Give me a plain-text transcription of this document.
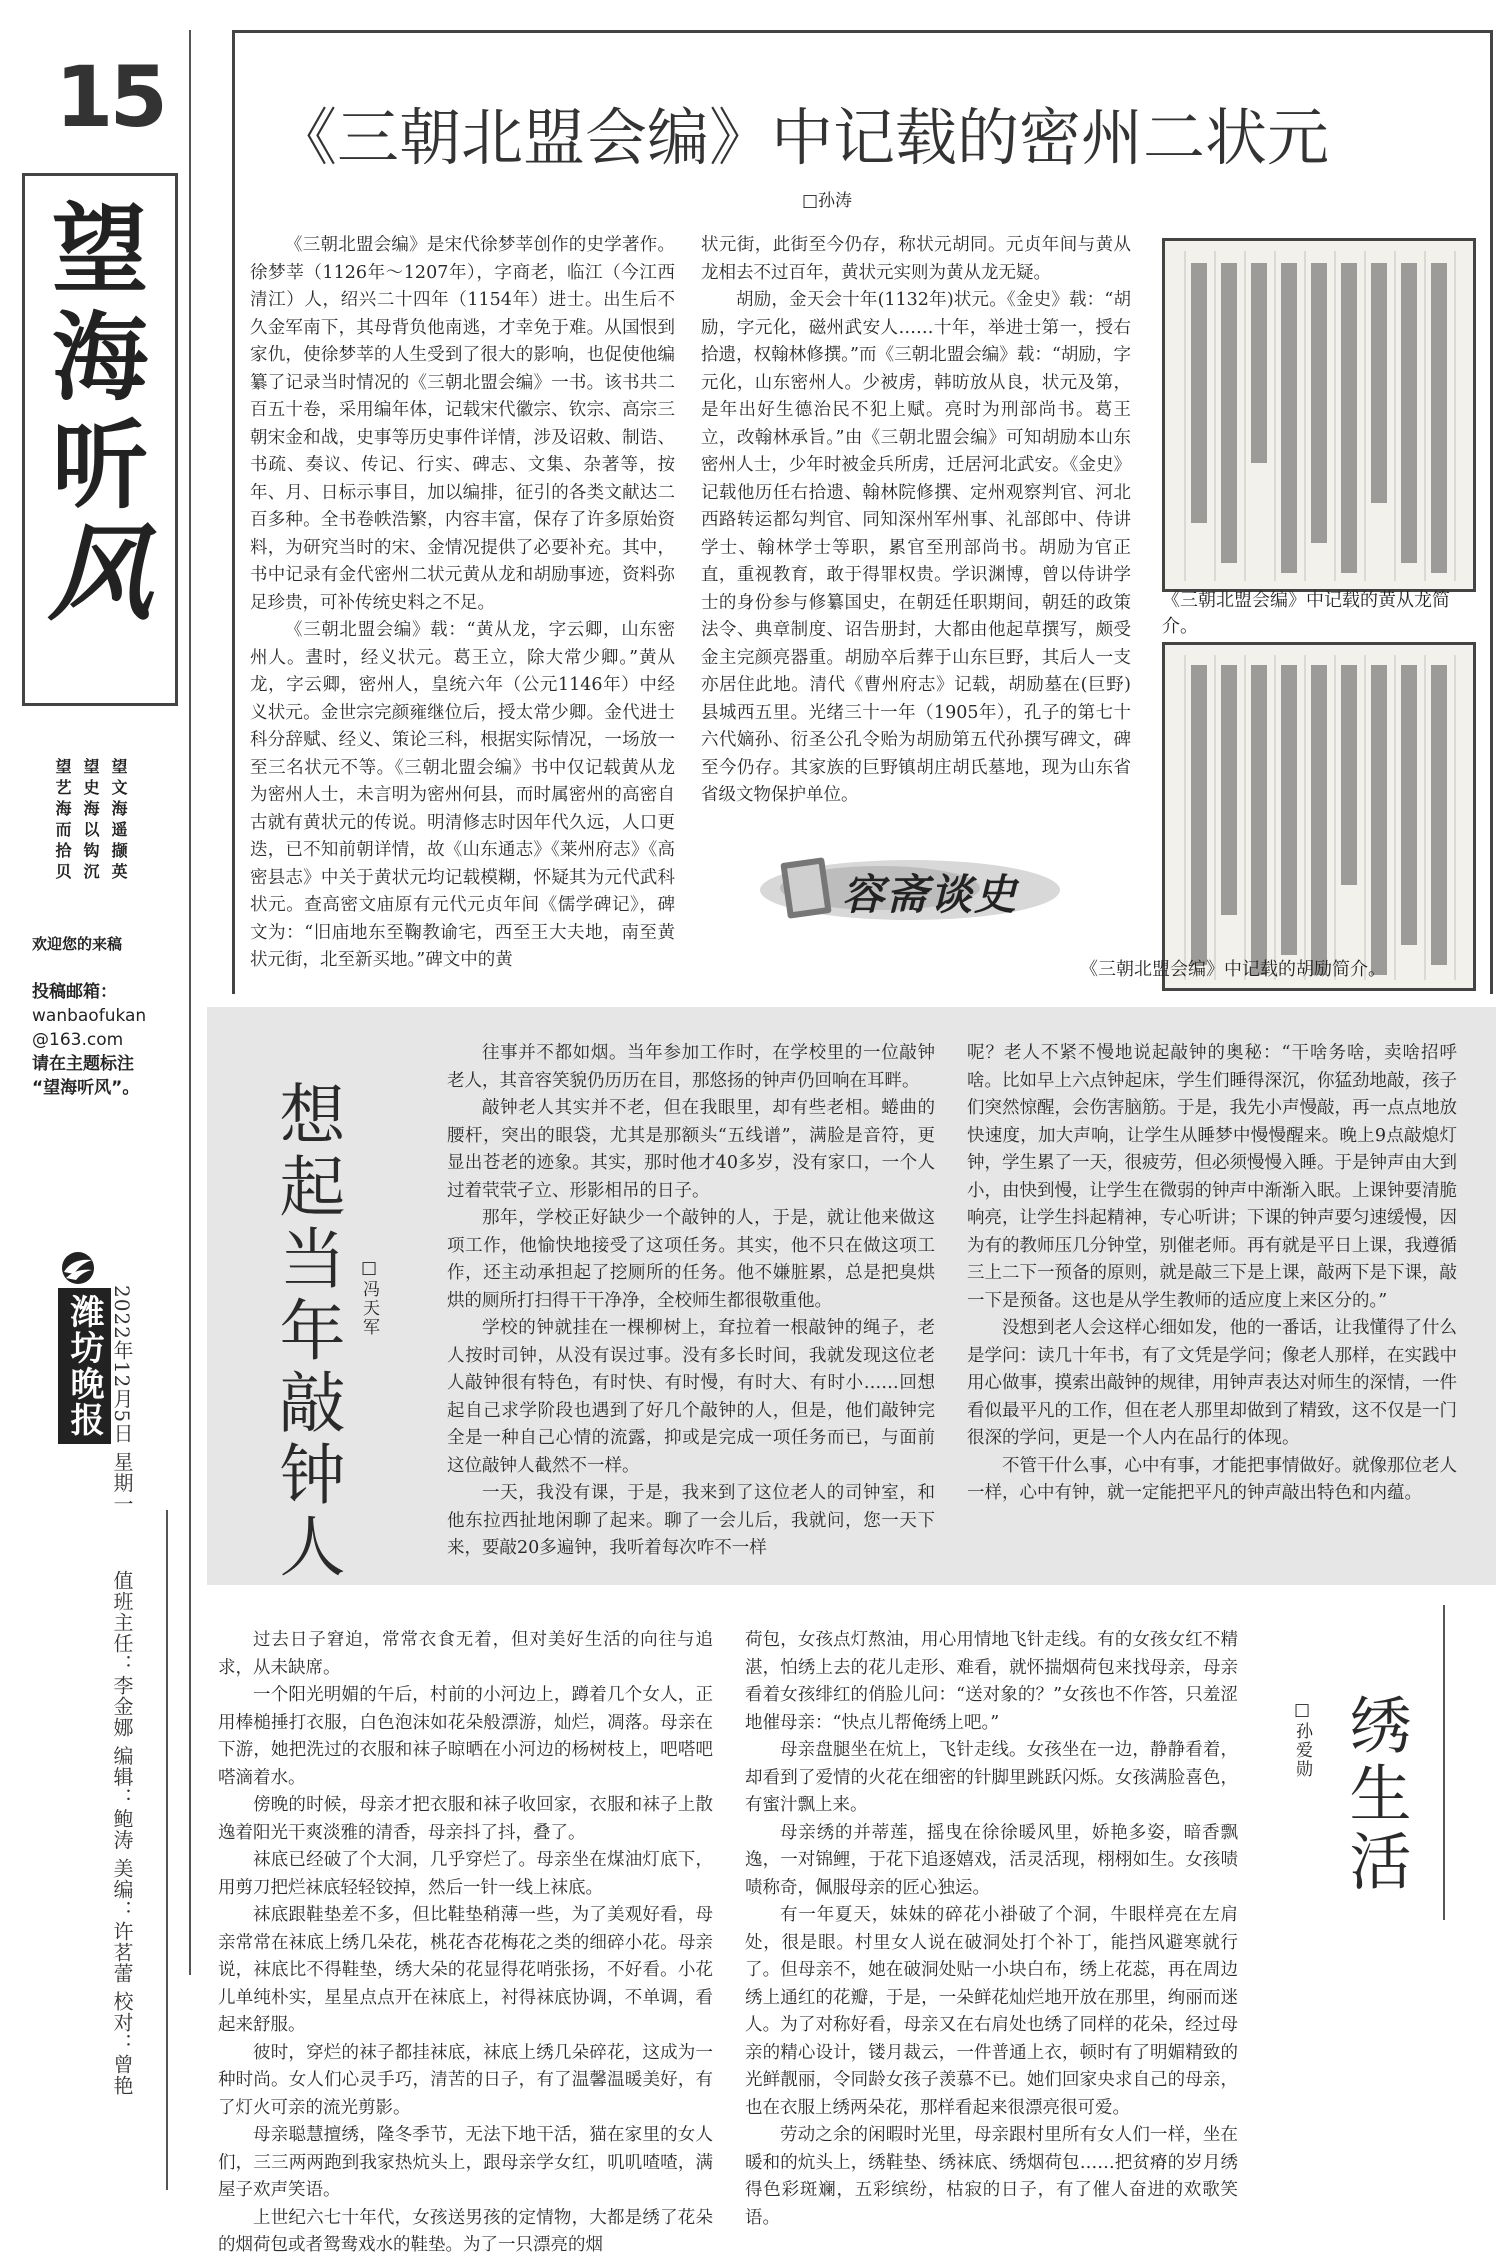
15
望
海
听
风
望文海遥撷英
望史海以钩沉
望艺海而拾贝
欢迎您的来稿
投稿邮箱：
wanbaofukan
@163.com
请在主题标注
“望海听风”。
潍坊晚报 2022年12月5日 星期一
值班主任：李金娜 编辑：鲍涛 美编：许茗蕾 校对：曾艳
《三朝北盟会编》中记载的密州二状元
□孙涛

《三朝北盟会编》是宋代徐梦莘创作的史学著作。徐梦莘（1126年～1207年），字商老，临江（今江西清江）人，绍兴二十四年（1154年）进士。出生后不久金军南下，其母背负他南逃，才幸免于难。从国恨到家仇，使徐梦莘的人生受到了很大的影响，也促使他编纂了记录当时情况的《三朝北盟会编》一书。该书共二百五十卷，采用编年体，记载宋代徽宗、钦宗、高宗三朝宋金和战，史事等历史事件详情，涉及诏敕、制诰、书疏、奏议、传记、行实、碑志、文集、杂著等，按年、月、日标示事目，加以编排，征引的各类文献达二百多种。全书卷帙浩繁，内容丰富，保存了许多原始资料，为研究当时的宋、金情况提供了必要补充。其中，书中记录有金代密州二状元黄从龙和胡励事迹，资料弥足珍贵，可补传统史料之不足。

《三朝北盟会编》载：“黄从龙，字云卿，山东密州人。晝时，经义状元。葛王立，除大常少卿。”黄从龙，字云卿，密州人，皇统六年（公元1146年）中经义状元。金世宗完颜雍继位后，授太常少卿。金代进士科分辞赋、经义、策论三科，根据实际情况，一场放一至三名状元不等。《三朝北盟会编》书中仅记载黄从龙为密州人士，未言明为密州何县，而时属密州的高密自古就有黄状元的传说。明清修志时因年代久远，人口更迭，已不知前朝详情，故《山东通志》《莱州府志》《高密县志》中关于黄状元均记载模糊，怀疑其为元代武科状元。查高密文庙原有元代元贞年间《儒学碑记》，碑文为：“旧庙地东至鞠教谕宅，西至王大夫地，南至黄状元街，北至新买地。”碑文中的黄

状元街，此街至今仍存，称状元胡同。元贞年间与黄从龙相去不过百年，黄状元实则为黄从龙无疑。

胡励，金天会十年(1132年)状元。《金史》载：“胡励，字元化，磁州武安人……十年，举进士第一，授右拾遗，权翰林修撰。”而《三朝北盟会编》载：“胡励，字元化，山东密州人。少被虏，韩昉放从良，状元及第，是年出好生德治民不犯上赋。亮时为刑部尚书。葛王立，改翰林承旨。”由《三朝北盟会编》可知胡励本山东密州人士，少年时被金兵所虏，迁居河北武安。《金史》记载他历任右拾遗、翰林院修撰、定州观察判官、河北西路转运都勾判官、同知深州军州事、礼部郎中、侍讲学士、翰林学士等职，累官至刑部尚书。胡励为官正直，重视教育，敢于得罪权贵。学识渊博，曾以侍讲学士的身份参与修纂国史，在朝廷任职期间，朝廷的政策法令、典章制度、诏告册封，大都由他起草撰写，颇受金主完颜亮器重。胡励卒后葬于山东巨野，其后人一支亦居住此地。清代《曹州府志》记载，胡励墓在(巨野)县城西五里。光绪三十一年（1905年），孔子的第七十六代嫡孙、衍圣公孔令贻为胡励第五代孙撰写碑文，碑至今仍存。其家族的巨野镇胡庄胡氏墓地，现为山东省省级文物保护单位。

《三朝北盟会编》中记载的黄从龙简介。
《三朝北盟会编》中记载的胡励简介。
容斋谈史
想起当年敲钟人 □冯天军

往事并不都如烟。当年参加工作时，在学校里的一位敲钟老人，其音容笑貌仍历历在目，那悠扬的钟声仍回响在耳畔。

敲钟老人其实并不老，但在我眼里，却有些老相。蜷曲的腰杆，突出的眼袋，尤其是那额头“五线谱”，满脸是音符，更显出苍老的迹象。其实，那时他才40多岁，没有家口，一个人过着茕茕孑立、形影相吊的日子。

那年，学校正好缺少一个敲钟的人，于是，就让他来做这项工作，他愉快地接受了这项任务。其实，他不只在做这项工作，还主动承担起了挖厕所的任务。他不嫌脏累，总是把臭烘烘的厕所打扫得干干净净，全校师生都很敬重他。

学校的钟就挂在一棵柳树上，耷拉着一根敲钟的绳子，老人按时司钟，从没有误过事。没有多长时间，我就发现这位老人敲钟很有特色，有时快、有时慢，有时大、有时小……回想起自己求学阶段也遇到了好几个敲钟的人，但是，他们敲钟完全是一种自己心情的流露，抑或是完成一项任务而已，与面前这位敲钟人截然不一样。

一天，我没有课，于是，我来到了这位老人的司钟室，和他东拉西扯地闲聊了起来。聊了一会儿后，我就问，您一天下来，要敲20多遍钟，我听着每次咋不一样

呢？老人不紧不慢地说起敲钟的奥秘：“干啥务啥，卖啥招呼啥。比如早上六点钟起床，学生们睡得深沉，你猛劲地敲，孩子们突然惊醒，会伤害脑筋。于是，我先小声慢敲，再一点点地放快速度，加大声响，让学生从睡梦中慢慢醒来。晚上9点敲熄灯钟，学生累了一天，很疲劳，但必须慢慢入睡。于是钟声由大到小，由快到慢，让学生在微弱的钟声中渐渐入眠。上课钟要清脆响亮，让学生抖起精神，专心听讲；下课的钟声要匀速缓慢，因为有的教师压几分钟堂，别催老师。再有就是平日上课，我遵循三上二下一预备的原则，就是敲三下是上课，敲两下是下课，敲一下是预备。这也是从学生教师的适应度上来区分的。”

没想到老人会这样心细如发，他的一番话，让我懂得了什么是学问：读几十年书，有了文凭是学问；像老人那样，在实践中用心做事，摸索出敲钟的规律，用钟声表达对师生的深情，一件看似最平凡的工作，但在老人那里却做到了精致，这不仅是一门很深的学问，更是一个人内在品行的体现。

不管干什么事，心中有事，才能把事情做好。就像那位老人一样，心中有钟，就一定能把平凡的钟声敲出特色和内蕴。

绣生活
□孙爱勋

过去日子窘迫，常常衣食无着，但对美好生活的向往与追求，从未缺席。

一个阳光明媚的午后，村前的小河边上，蹲着几个女人，正用棒槌捶打衣服，白色泡沫如花朵般漂游，灿烂，凋落。母亲在下游，她把洗过的衣服和袜子晾晒在小河边的杨树枝上，吧嗒吧嗒滴着水。

傍晚的时候，母亲才把衣服和袜子收回家，衣服和袜子上散逸着阳光干爽淡雅的清香，母亲抖了抖，叠了。

袜底已经破了个大洞，几乎穿烂了。母亲坐在煤油灯底下，用剪刀把烂袜底轻轻铰掉，然后一针一线上袜底。

袜底跟鞋垫差不多，但比鞋垫稍薄一些，为了美观好看，母亲常常在袜底上绣几朵花，桃花杏花梅花之类的细碎小花。母亲说，袜底比不得鞋垫，绣大朵的花显得花哨张扬，不好看。小花儿单纯朴实，星星点点开在袜底上，衬得袜底协调，不单调，看起来舒服。

彼时，穿烂的袜子都挂袜底，袜底上绣几朵碎花，这成为一种时尚。女人们心灵手巧，清苦的日子，有了温馨温暖美好，有了灯火可亲的流光剪影。

母亲聪慧擅绣，隆冬季节，无法下地干活，猫在家里的女人们，三三两两跑到我家热炕头上，跟母亲学女红，叽叽喳喳，满屋子欢声笑语。

上世纪六七十年代，女孩送男孩的定情物，大都是绣了花朵的烟荷包或者鸳鸯戏水的鞋垫。为了一只漂亮的烟

荷包，女孩点灯熬油，用心用情地飞针走线。有的女孩女红不精湛，怕绣上去的花儿走形、难看，就怀揣烟荷包来找母亲，母亲看着女孩绯红的俏脸儿问：“送对象的？”女孩也不作答，只羞涩地催母亲：“快点儿帮俺绣上吧。”

母亲盘腿坐在炕上，飞针走线。女孩坐在一边，静静看着，却看到了爱情的火花在细密的针脚里跳跃闪烁。女孩满脸喜色，有蜜汁飘上来。

母亲绣的并蒂莲，摇曳在徐徐暖风里，娇艳多姿，暗香飘逸，一对锦鲤，于花下追逐嬉戏，活灵活现，栩栩如生。女孩啧啧称奇，佩服母亲的匠心独运。

有一年夏天，妹妹的碎花小褂破了个洞，牛眼样亮在左肩处，很是眼。村里女人说在破洞处打个补丁，能挡风避寒就行了。但母亲不，她在破洞处贴一小块白布，绣上花蕊，再在周边绣上通红的花瓣，于是，一朵鲜花灿烂地开放在那里，绚丽而迷人。为了对称好看，母亲又在右肩处也绣了同样的花朵，经过母亲的精心设计，镂月裁云，一件普通上衣，顿时有了明媚精致的光鲜靓丽，令同龄女孩子羡慕不已。她们回家央求自己的母亲，也在衣服上绣两朵花，那样看起来很漂亮很可爱。

劳动之余的闲暇时光里，母亲跟村里所有女人们一样，坐在暖和的炕头上，绣鞋垫、绣袜底、绣烟荷包……把贫瘠的岁月绣得色彩斑斓，五彩缤纷，枯寂的日子，有了催人奋进的欢歌笑语。
